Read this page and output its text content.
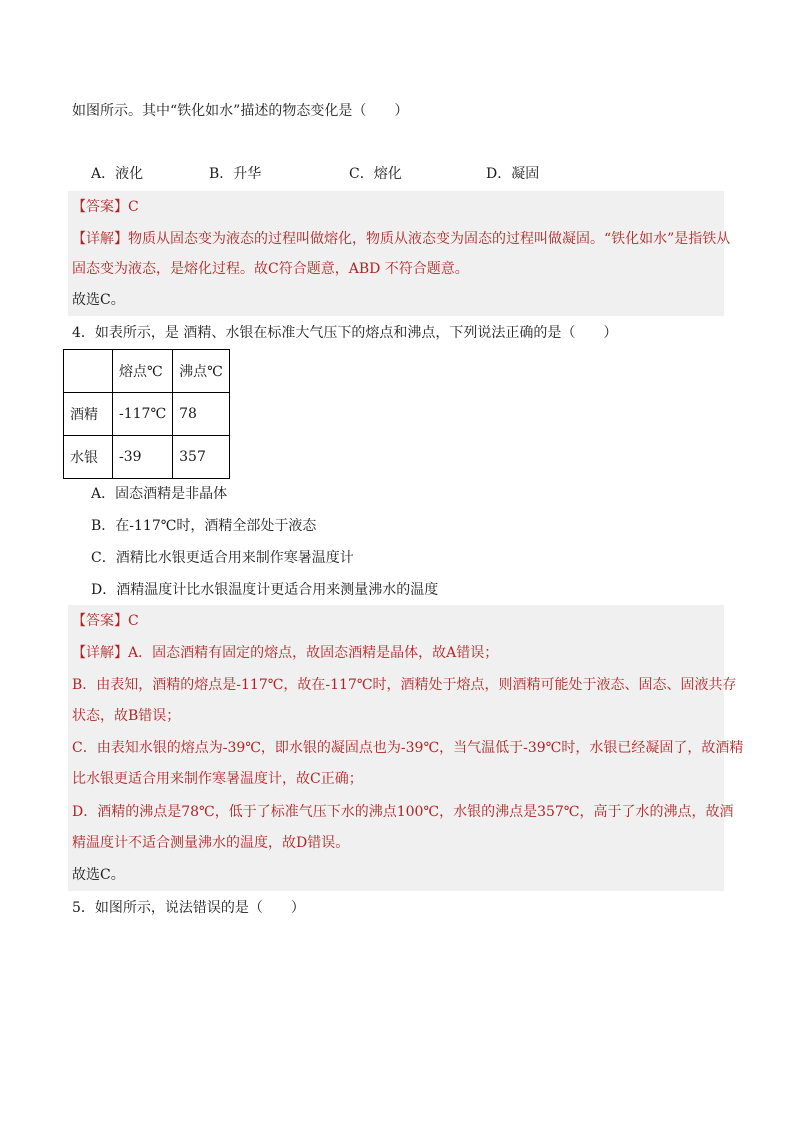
如图所示。其中“铁化如水”描述的物态变化是（　　）
A．液化	B．升华	C．熔化	D．凝固
【答案】C
【详解】物质从固态变为液态的过程叫做熔化，物质从液态变为固态的过程叫做凝固。“铁化如水”是指铁从
固态变为液态，是熔化过程。故C符合题意，ABD 不符合题意。
故选C。
4．如表所示，是 酒精、水银在标准大气压下的熔点和沸点，下列说法正确的是（　　）
	熔点℃	沸点℃
酒精	-117℃	78
水银	-39	357
A．固态酒精是非晶体
B．在-117℃时，酒精全部处于液态
C．酒精比水银更适合用来制作寒暑温度计
D．酒精温度计比水银温度计更适合用来测量沸水的温度
【答案】C
【详解】A．固态酒精有固定的熔点，故固态酒精是晶体，故A错误；
B．由表知，酒精的熔点是-117℃，故在-117℃时，酒精处于熔点，则酒精可能处于液态、固态、固液共存
状态，故B错误；
C．由表知水银的熔点为-39℃，即水银的凝固点也为-39℃，当气温低于-39℃时，水银已经凝固了，故酒精
比水银更适合用来制作寒暑温度计，故C正确；
D．酒精的沸点是78℃，低于了标准气压下水的沸点100℃，水银的沸点是357℃，高于了水的沸点，故酒
精温度计不适合测量沸水的温度，故D错误。
故选C。
5．如图所示，说法错误的是（　　）
